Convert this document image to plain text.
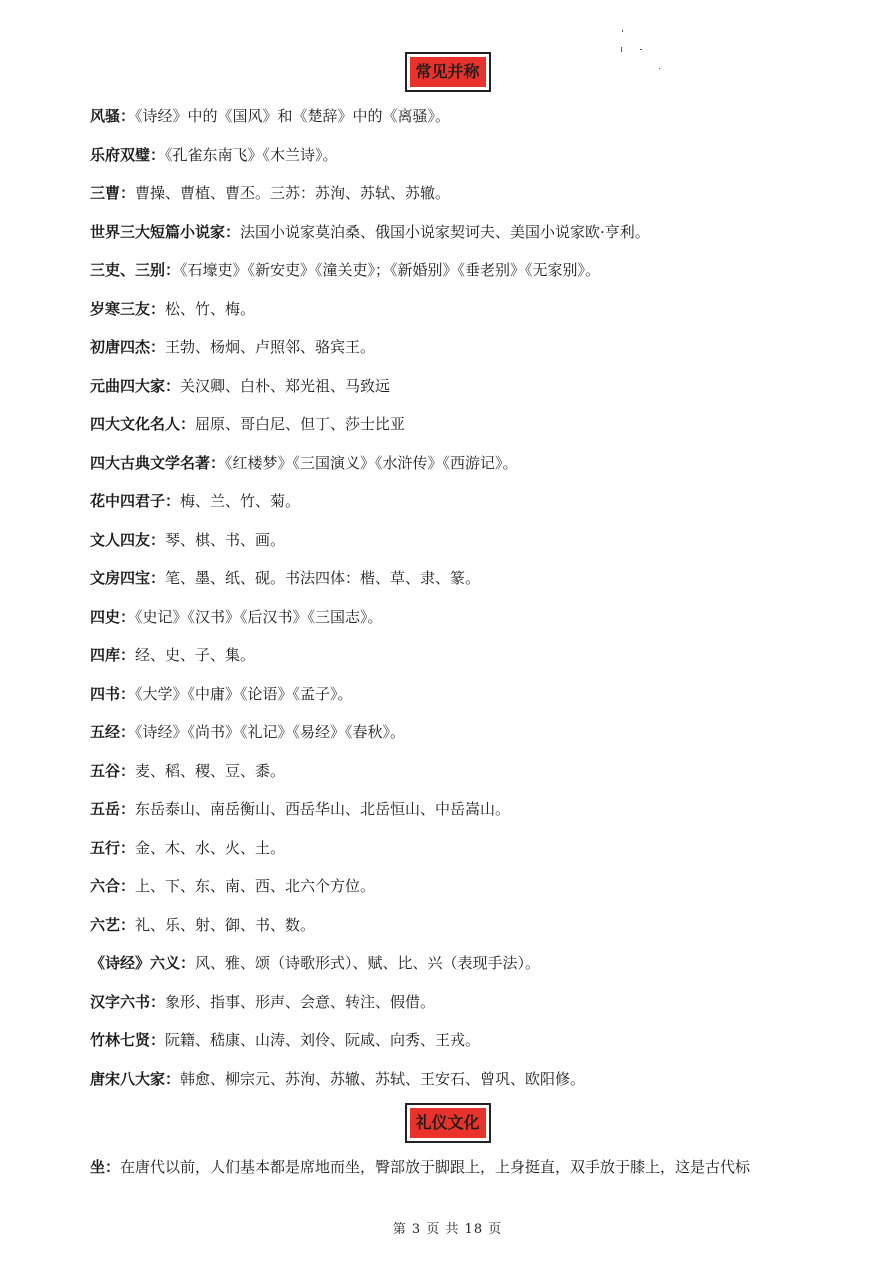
常见并称
风骚：《诗经》中的《国风》和《楚辞》中的《离骚》。
乐府双璧：《孔雀东南飞》《木兰诗》。
三曹：曹操、曹植、曹丕。三苏：苏洵、苏轼、苏辙。
世界三大短篇小说家：法国小说家莫泊桑、俄国小说家契诃夫、美国小说家欧·亨利。
三吏、三别：《石壕吏》《新安吏》《潼关吏》；《新婚别》《垂老别》《无家别》。
岁寒三友：松、竹、梅。
初唐四杰：王勃、杨炯、卢照邻、骆宾王。
元曲四大家：关汉卿、白朴、郑光祖、马致远
四大文化名人：屈原、哥白尼、但丁、莎士比亚
四大古典文学名著：《红楼梦》《三国演义》《水浒传》《西游记》。
花中四君子：梅、兰、竹、菊。
文人四友：琴、棋、书、画。
文房四宝：笔、墨、纸、砚。书法四体：楷、草、隶、篆。
四史：《史记》《汉书》《后汉书》《三国志》。
四库：经、史、子、集。
四书：《大学》《中庸》《论语》《孟子》。
五经：《诗经》《尚书》《礼记》《易经》《春秋》。
五谷：麦、稻、稷、豆、黍。
五岳：东岳泰山、南岳衡山、西岳华山、北岳恒山、中岳嵩山。
五行：金、木、水、火、土。
六合：上、下、东、南、西、北六个方位。
六艺：礼、乐、射、御、书、数。
《诗经》六义：风、雅、颂（诗歌形式）、赋、比、兴（表现手法）。
汉字六书：象形、指事、形声、会意、转注、假借。
竹林七贤：阮籍、嵇康、山涛、刘伶、阮咸、向秀、王戎。
唐宋八大家：韩愈、柳宗元、苏洵、苏辙、苏轼、王安石、曾巩、欧阳修。
礼仪文化
坐：在唐代以前，人们基本都是席地而坐，臀部放于脚跟上，上身挺直，双手放于膝上，这是古代标
第 3 页 共 18 页
